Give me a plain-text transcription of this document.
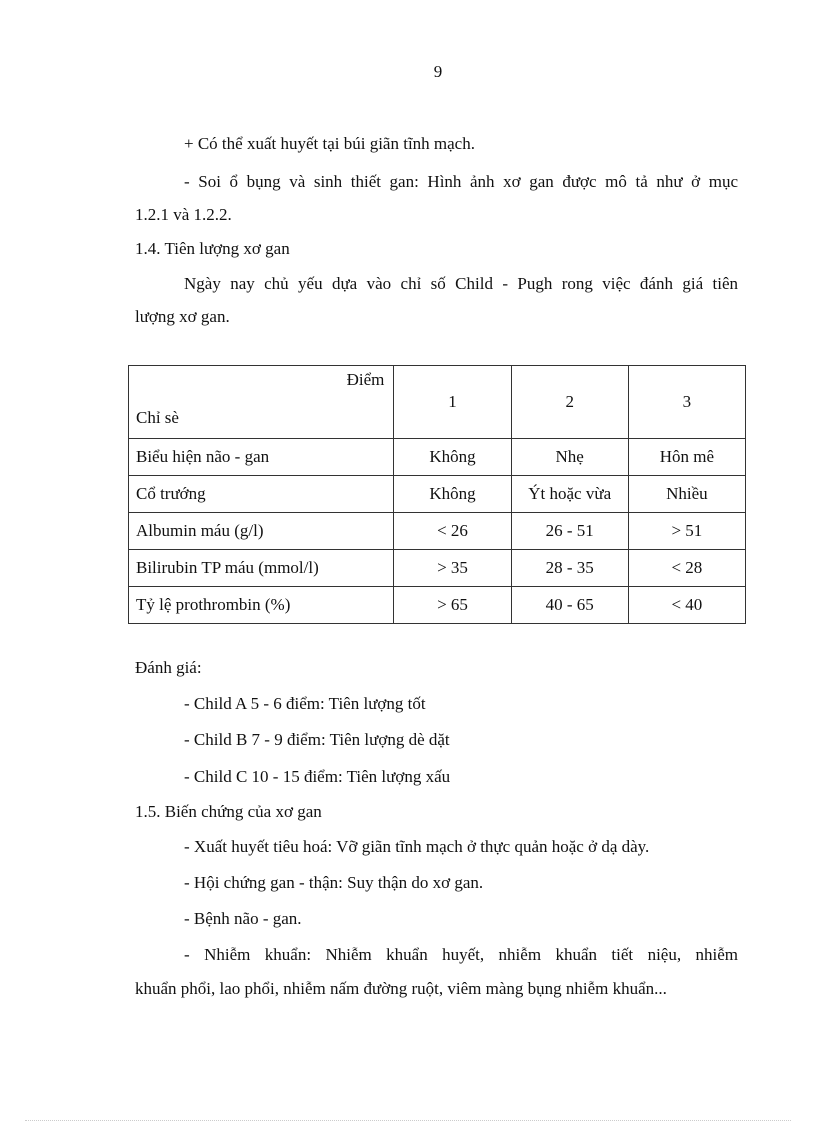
9
+ Có thể xuất huyết tại búi giãn tĩnh mạch.
- Soi ổ bụng và sinh thiết gan: Hình ảnh xơ gan được mô tả như ở mục
1.2.1 và 1.2.2.
1.4. Tiên lượng xơ gan
Ngày nay chủ yếu dựa vào chỉ số Child - Pugh rong việc đánh giá tiên
lượng xơ gan.
Điểm
Chỉ sè	1	2	3
Biểu hiện não - gan	Không	Nhẹ	Hôn mê
Cổ trướng	Không	Ýt hoặc vừa	Nhiều
Albumin máu (g/l)	< 26	26 - 51	> 51
Bilirubin TP máu (mmol/l)	> 35	28 - 35	< 28
Tỷ lệ prothrombin (%)	> 65	40 - 65	< 40
Đánh giá:
- Child A 5 - 6 điểm: Tiên lượng tốt
- Child B 7 - 9 điểm: Tiên lượng dè dặt
- Child C 10 - 15 điểm: Tiên lượng xấu
1.5. Biến chứng của xơ gan
- Xuất huyết tiêu hoá: Vỡ giãn tĩnh mạch ở thực quản hoặc ở dạ dày.
- Hội chứng gan - thận: Suy thận do xơ gan.
- Bệnh não - gan.
- Nhiễm khuẩn: Nhiễm khuẩn huyết, nhiễm khuẩn tiết niệu, nhiễm
khuẩn phổi, lao phổi, nhiễm nấm đường ruột, viêm màng bụng nhiễm khuẩn...
